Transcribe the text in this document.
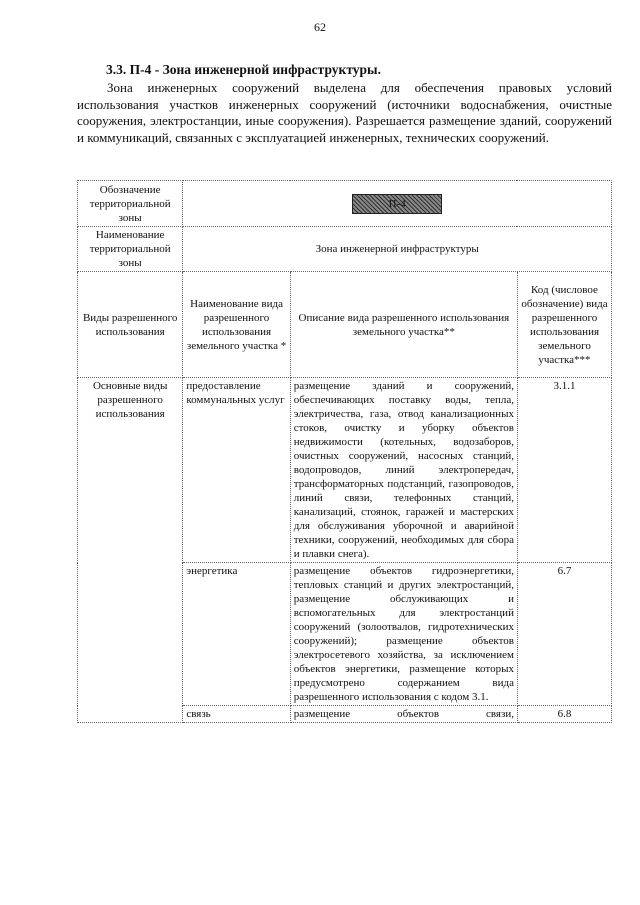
62
3.3. П-4 - Зона инженерной инфраструктуры.
Зона инженерных сооружений выделена для обеспечения правовых условий использования участков инженерных сооружений (источники водоснабжения, очистные сооружения, электростанции, иные сооружения). Разрешается размещение зданий, сооружений и коммуникаций, связанных с эксплуатацией инженерных, технических сооружений.
Обозначение территориальной зоны	П-4		
Наименование территориальной зоны	Зона инженерной инфраструктуры		
Виды разрешенного использования	Наименование вида разрешенного использования земельного участка *	Описание вида разрешенного использования земельного участка**	Код (числовое обозначение) вида разрешенного использования земельного участка***
Основные виды разрешенного использования	предоставление коммунальных услуг	размещение зданий и сооружений, обеспечивающих поставку воды, тепла, электричества, газа, отвод канализационных стоков, очистку и уборку объектов недвижимости (котельных, водозаборов, очистных сооружений, насосных станций, водопроводов, линий электропередач, трансформаторных подстанций, газопроводов, линий связи, телефонных станций, канализаций, стоянок, гаражей и мастерских для обслуживания уборочной и аварийной техники, сооружений, необходимых для сбора и плавки снега).	3.1.1
	энергетика	размещение объектов гидроэнергетики, тепловых станций и других электростанций, размещение обслуживающих и вспомогательных для электростанций сооружений (золоотвалов, гидротехнических сооружений); размещение объектов электросетевого хозяйства, за исключением объектов энергетики, размещение которых предусмотрено содержанием вида разрешенного использования с кодом 3.1.	6.7
	связь	размещение объектов связи,	6.8
